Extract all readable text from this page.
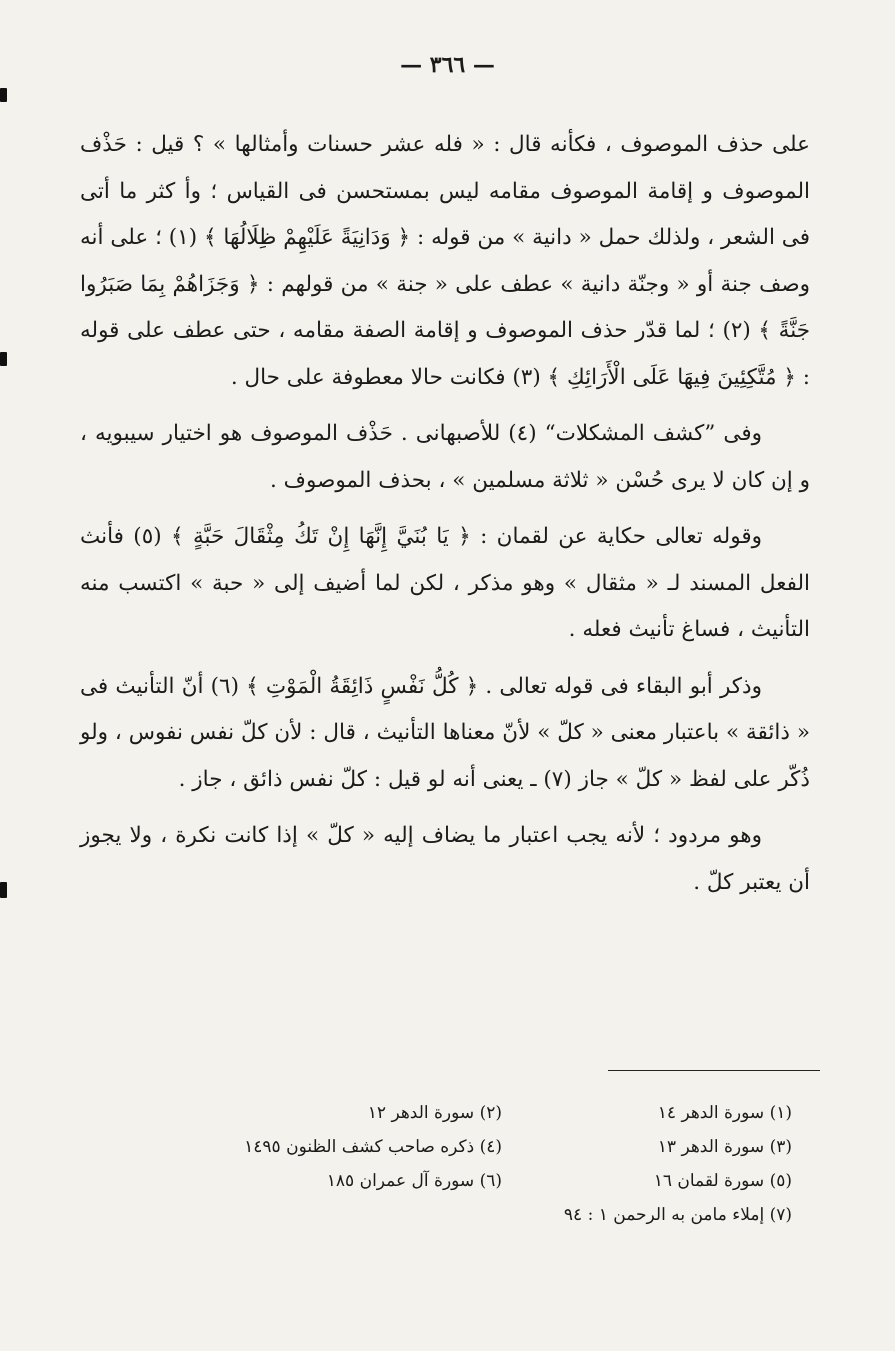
— ٣٦٦ —

على حذف الموصوف ، فكأنه قال : « فله عشر حسنات وأمثالها » ؟ قيل : حَذْف الموصوف و إقامة الموصوف مقامه ليس بمستحسن فى القياس ؛ وأ كثر ما أتى فى الشعر ، ولذلك حمل « دانية » من قوله : ﴿ وَدَانِيَةً عَلَيْهِمْ ظِلَالُهَا ﴾ (١) ؛ على أنه وصف جنة أو « وجنّة دانية » عطف على « جنة » من قولهم : ﴿ وَجَزَاهُمْ بِمَا صَبَرُوا جَنَّةً ﴾ (٢) ؛ لما قدّر حذف الموصوف و إقامة الصفة مقامه ، حتى عطف على قوله : ﴿ مُتَّكِئِينَ فِيهَا عَلَى الْأَرَائِكِ ﴾ (٣) فكانت حالا معطوفة على حال .

وفى ”كشف المشكلات“ (٤) للأصبهانى . حَذْف الموصوف هو اختيار سيبويه ، و إن كان لا يرى حُسْن « ثلاثة مسلمين » ، بحذف الموصوف .

وقوله تعالى حكاية عن لقمان : ﴿ يَا بُنَيَّ إِنَّهَا إِنْ تَكُ مِثْقَالَ حَبَّةٍ ﴾ (٥) فأنث الفعل المسند لـ « مثقال » وهو مذكر ، لكن لما أضيف إلى « حبة » اكتسب منه التأنيث ، فساغ تأنيث فعله .

وذكر أبو البقاء فى قوله تعالى . ﴿ كُلُّ نَفْسٍ ذَائِقَةُ الْمَوْتِ ﴾ (٦) أنّ التأنيث فى « ذائقة » باعتبار معنى « كلّ » لأنّ معناها التأنيث ، قال : لأن كلّ نفس نفوس ، ولو ذُكّر على لفظ « كلّ » جاز (٧) ـ يعنى أنه لو قيل : كلّ نفس ذائق ، جاز .

وهو مردود ؛ لأنه يجب اعتبار ما يضاف إليه « كلّ » إذا كانت نكرة ، ولا يجوز أن يعتبر كلّ .

(١) سورة الدهر ١٤
(٢) سورة الدهر ١٢
(٣) سورة الدهر ١٣
(٤) ذكره صاحب كشف الظنون ١٤٩٥
(٥) سورة لقمان ١٦
(٦) سورة آل عمران ١٨٥
(٧) إملاء مامن به الرحمن ١ : ٩٤
